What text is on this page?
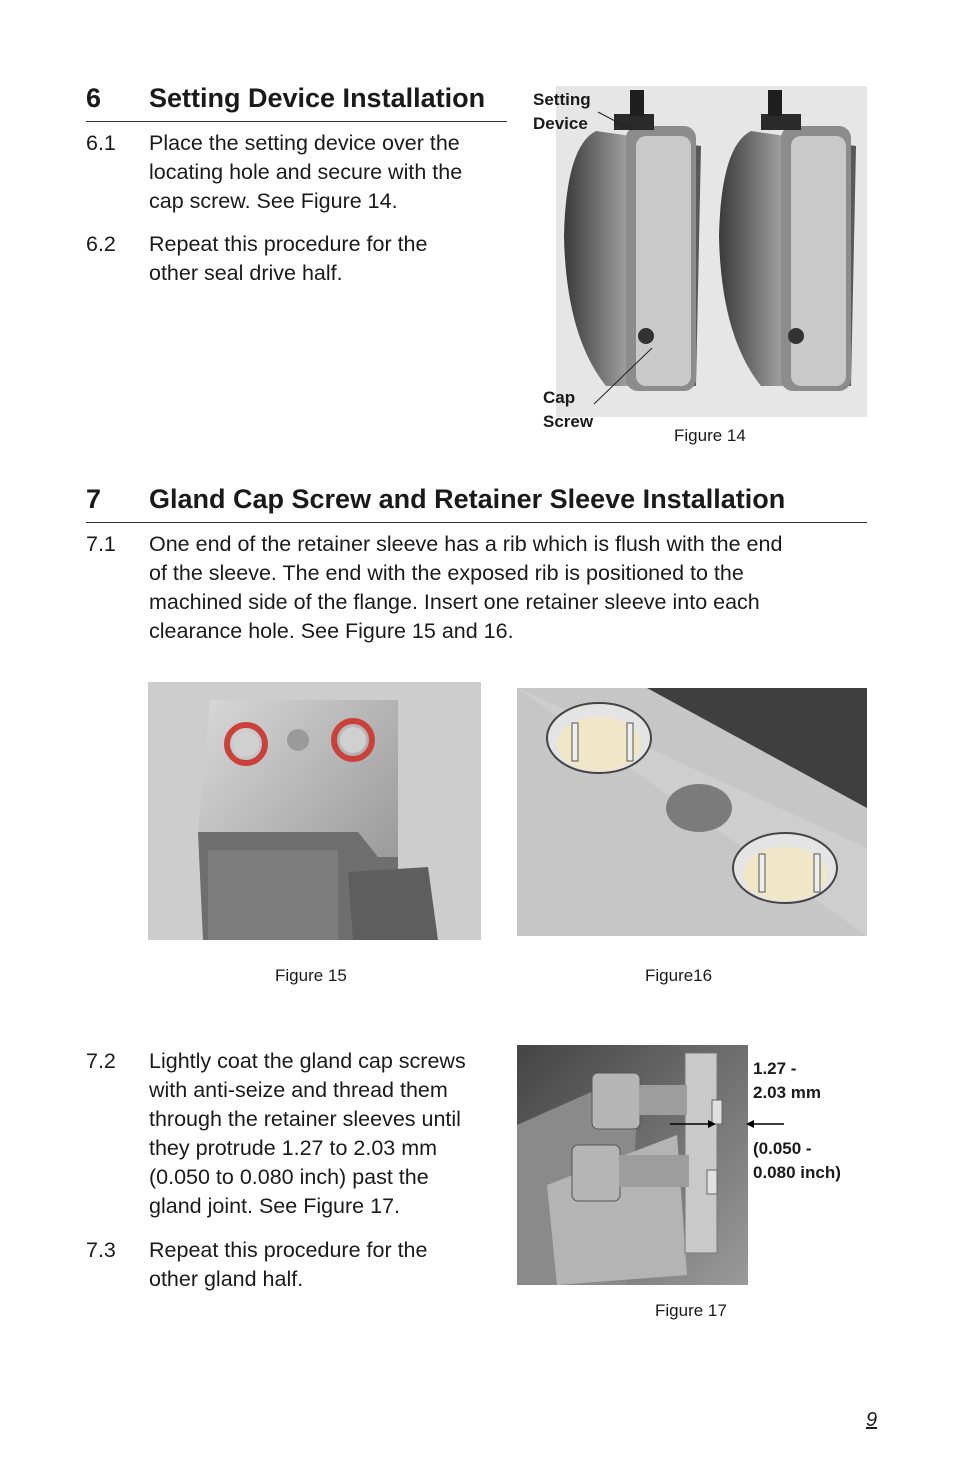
6 Setting Device Installation
6.1 Place the setting device over the
locating hole and secure with the
cap screw. See Figure 14.
6.2 Repeat this procedure for the
other seal drive half.
Setting
Device
Cap
Screw
Figure 14
7 Gland Cap Screw and Retainer Sleeve Installation
7.1 One end of the retainer sleeve has a rib which is flush with the end
of the sleeve. The end with the exposed rib is positioned to the
machined side of the flange. Insert one retainer sleeve into each
clearance hole. See Figure 15 and 16.
Figure 15	Figure16
7.2 Lightly coat the gland cap screws
with anti-seize and thread them
through the retainer sleeves until
they protrude 1.27 to 2.03 mm
(0.050 to 0.080 inch) past the
gland joint. See Figure 17.
7.3 Repeat this procedure for the
other gland half.
1.27 -
2.03 mm
(0.050 -
0.080 inch)
Figure 17
9
